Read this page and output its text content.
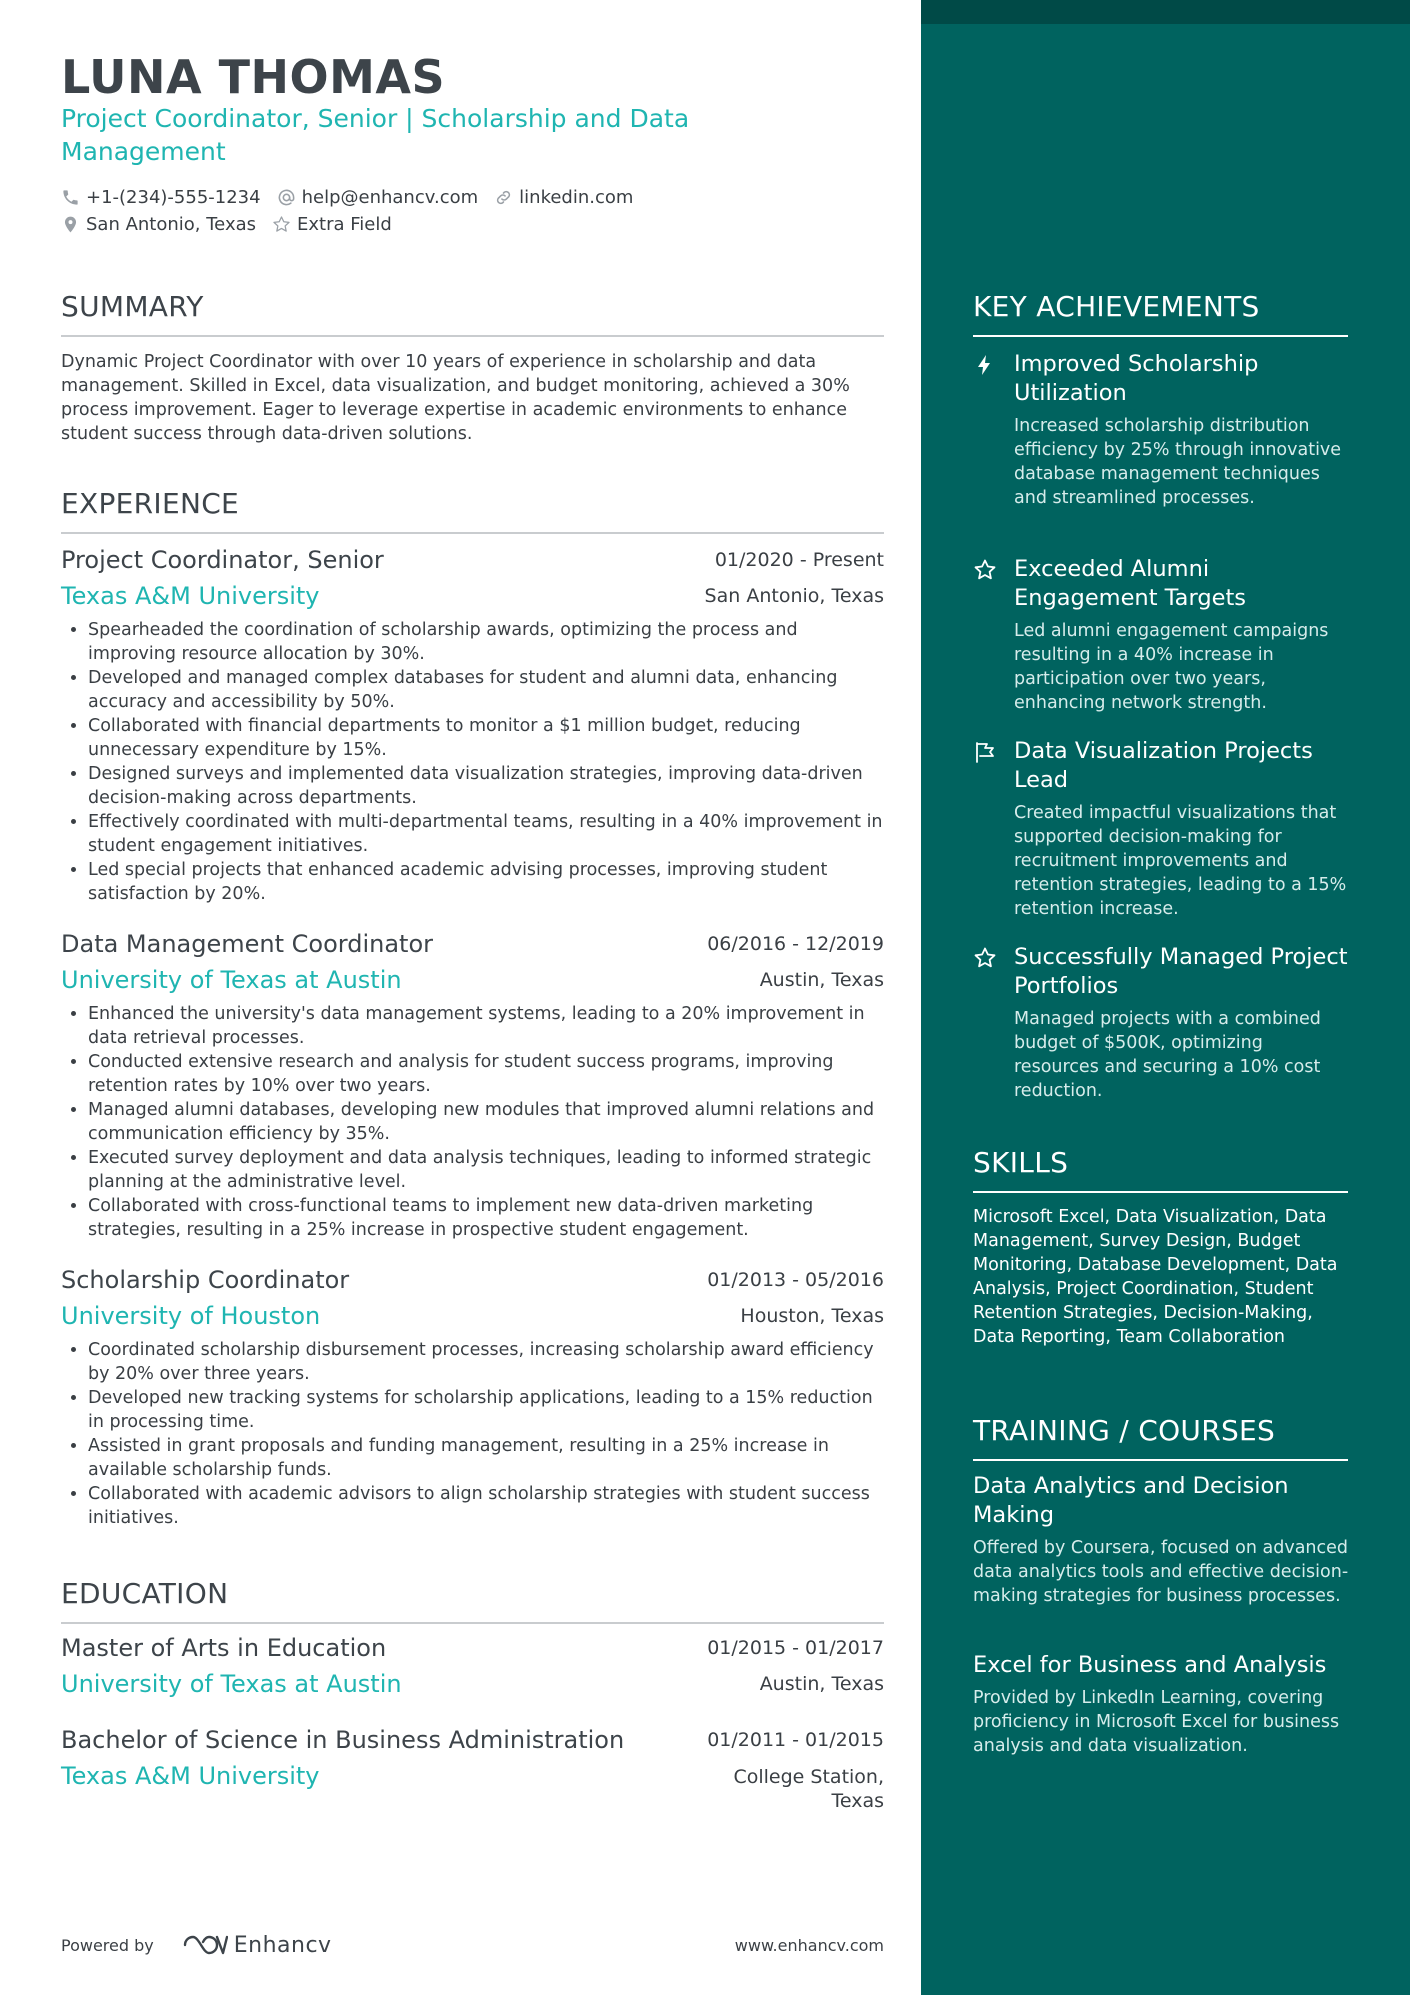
LUNA THOMAS

Project Coordinator, Senior | Scholarship and Data Management

+1-(234)-555-1234 help@enhancv.com linkedin.com
San Antonio, Texas Extra Field
SUMMARY

Dynamic Project Coordinator with over 10 years of experience in scholarship and data management. Skilled in Excel, data visualization, and budget monitoring, achieved a 30% process improvement. Eager to leverage expertise in academic environments to enhance student success through data-driven solutions.

EXPERIENCE
Project Coordinator, Senior	01/2020 - Present
Texas A&M University	San Antonio, Texas
• Spearheaded the coordination of scholarship awards, optimizing the process and improving resource allocation by 30%.
• Developed and managed complex databases for student and alumni data, enhancing accuracy and accessibility by 50%.
• Collaborated with financial departments to monitor a $1 million budget, reducing unnecessary expenditure by 15%.
• Designed surveys and implemented data visualization strategies, improving data-driven decision-making across departments.
• Effectively coordinated with multi-departmental teams, resulting in a 40% improvement in student engagement initiatives.
• Led special projects that enhanced academic advising processes, improving student satisfaction by 20%.
Data Management Coordinator	06/2016 - 12/2019
University of Texas at Austin	Austin, Texas
• Enhanced the university's data management systems, leading to a 20% improvement in data retrieval processes.
• Conducted extensive research and analysis for student success programs, improving retention rates by 10% over two years.
• Managed alumni databases, developing new modules that improved alumni relations and communication efficiency by 35%.
• Executed survey deployment and data analysis techniques, leading to informed strategic planning at the administrative level.
• Collaborated with cross-functional teams to implement new data-driven marketing strategies, resulting in a 25% increase in prospective student engagement.
Scholarship Coordinator	01/2013 - 05/2016
University of Houston	Houston, Texas
• Coordinated scholarship disbursement processes, increasing scholarship award efficiency by 20% over three years.
• Developed new tracking systems for scholarship applications, leading to a 15% reduction in processing time.
• Assisted in grant proposals and funding management, resulting in a 25% increase in available scholarship funds.
• Collaborated with academic advisors to align scholarship strategies with student success initiatives.
EDUCATION
Master of Arts in Education	01/2015 - 01/2017
University of Texas at Austin	Austin, Texas
Bachelor of Science in Business Administration	01/2011 - 01/2015
Texas A&M University	College Station, Texas
Powered by	Enhancv	www.enhancv.com
KEY ACHIEVEMENTS

Improved Scholarship Utilization

Increased scholarship distribution efficiency by 25% through innovative database management techniques and streamlined processes.

Exceeded Alumni Engagement Targets

Led alumni engagement campaigns resulting in a 40% increase in participation over two years, enhancing network strength.

Data Visualization Projects Lead

Created impactful visualizations that supported decision-making for recruitment improvements and retention strategies, leading to a 15% retention increase.

Successfully Managed Project Portfolios

Managed projects with a combined budget of $500K, optimizing resources and securing a 10% cost reduction.

SKILLS

Microsoft Excel, Data Visualization, Data Management, Survey Design, Budget Monitoring, Database Development, Data Analysis, Project Coordination, Student Retention Strategies, Decision-Making, Data Reporting, Team Collaboration

TRAINING / COURSES

Data Analytics and Decision Making

Offered by Coursera, focused on advanced data analytics tools and effective decision-making strategies for business processes.

Excel for Business and Analysis

Provided by LinkedIn Learning, covering proficiency in Microsoft Excel for business analysis and data visualization.
